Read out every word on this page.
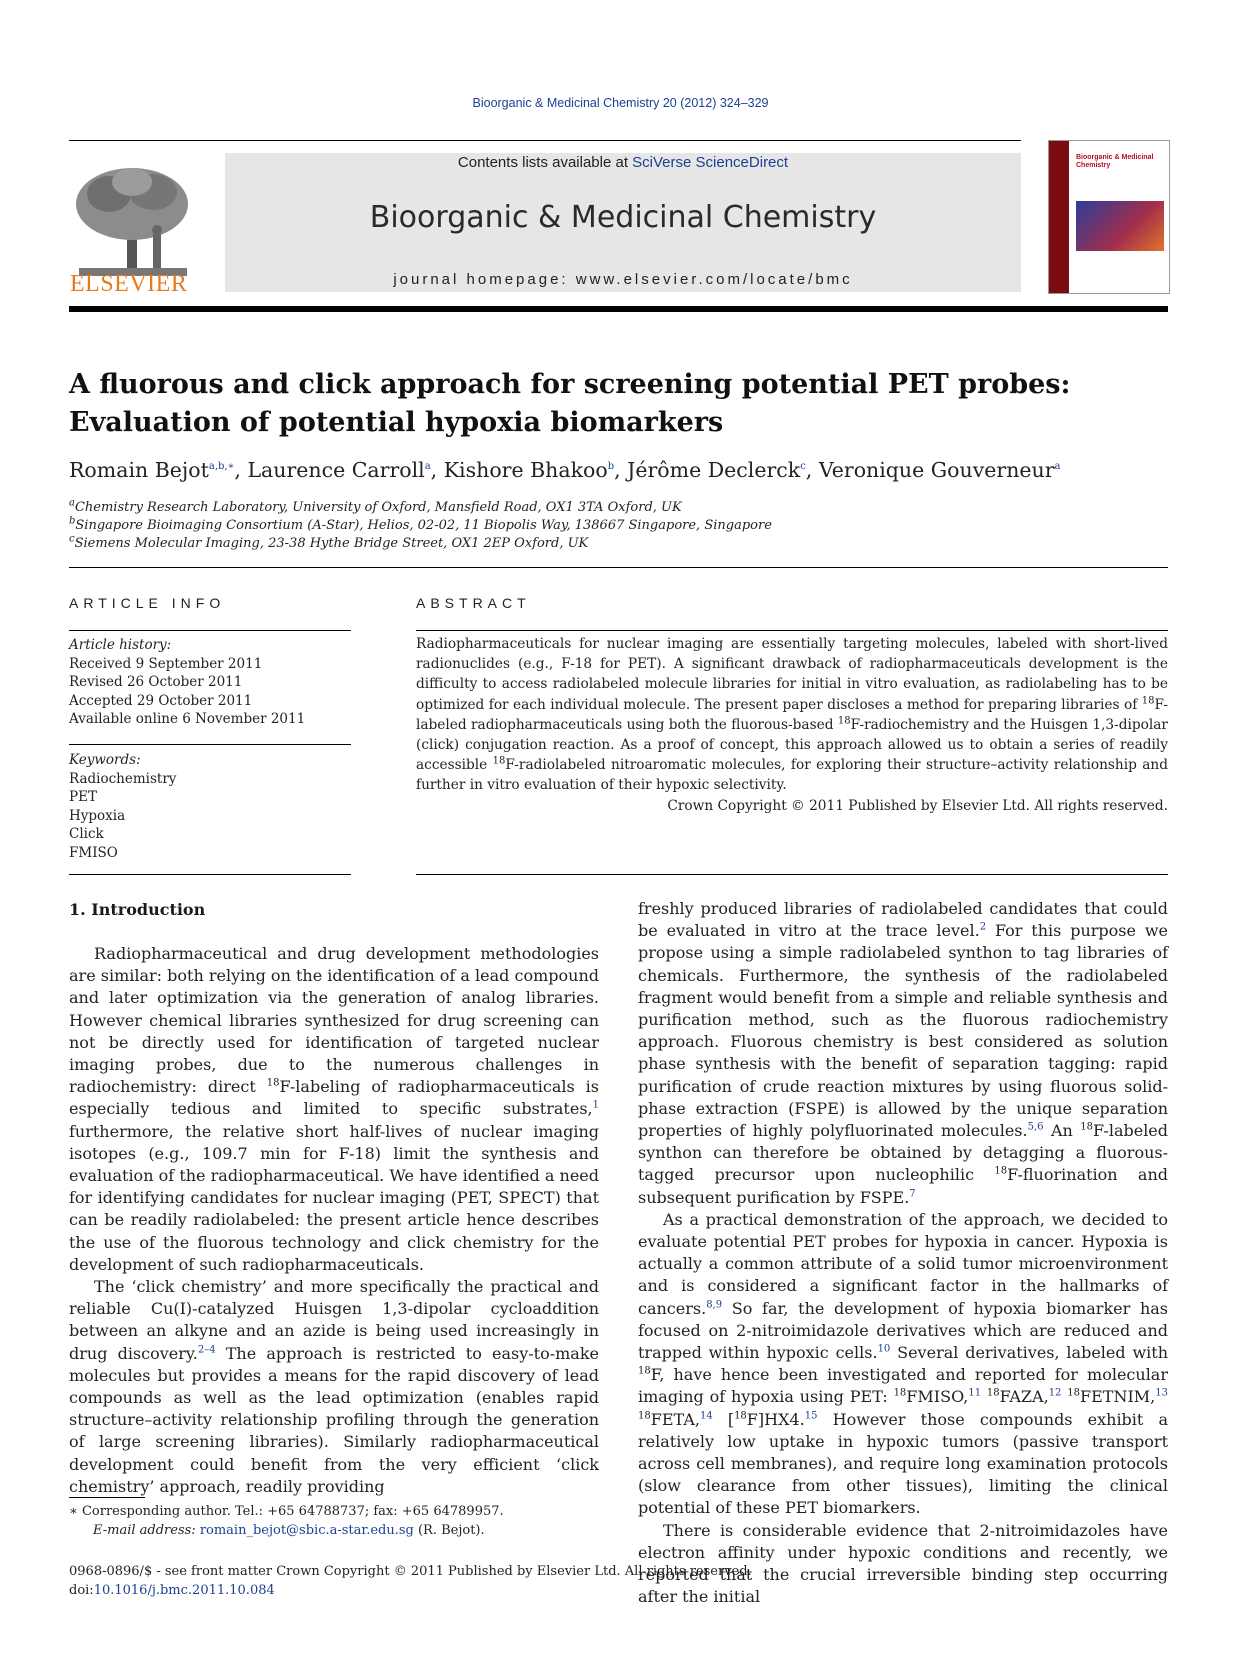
Bioorganic & Medicinal Chemistry 20 (2012) 324–329
ELSEVIER
Contents lists available at SciVerse ScienceDirect
Bioorganic & Medicinal Chemistry
journal homepage: www.elsevier.com/locate/bmc
Bioorganic & Medicinal Chemistry
A fluorous and click approach for screening potential PET probes: Evaluation of potential hypoxia biomarkers
Romain Bejot$^{a,b,∗}$, Laurence Carroll$^a$, Kishore Bhakoo$^b$, Jérôme Declerck$^c$, Veronique Gouverneur$^a$
$^a$Chemistry Research Laboratory, University of Oxford, Mansfield Road, OX1 3TA Oxford, UK
$^b$Singapore Bioimaging Consortium (A-Star), Helios, 02-02, 11 Biopolis Way, 138667 Singapore, Singapore
$^c$Siemens Molecular Imaging, 23-38 Hythe Bridge Street, OX1 2EP Oxford, UK
ARTICLE INFO
Article history:
Received 9 September 2011
Revised 26 October 2011
Accepted 29 October 2011
Available online 6 November 2011
Keywords:
Radiochemistry
PET
Hypoxia
Click
FMISO
ABSTRACT
Radiopharmaceuticals for nuclear imaging are essentially targeting molecules, labeled with short-lived radionuclides (e.g., F-18 for PET). A significant drawback of radiopharmaceuticals development is the difficulty to access radiolabeled molecule libraries for initial in vitro evaluation, as radiolabeling has to be optimized for each individual molecule. The present paper discloses a method for preparing libraries of $^{18}$F-labeled radiopharmaceuticals using both the fluorous-based $^{18}$F-radiochemistry and the Huisgen 1,3-dipolar (click) conjugation reaction. As a proof of concept, this approach allowed us to obtain a series of readily accessible $^{18}$F-radiolabeled nitroaromatic molecules, for exploring their structure–activity relationship and further in vitro evaluation of their hypoxic selectivity.
Crown Copyright © 2011 Published by Elsevier Ltd. All rights reserved.
1. Introduction

Radiopharmaceutical and drug development methodologies are similar: both relying on the identification of a lead compound and later optimization via the generation of analog libraries. However chemical libraries synthesized for drug screening can not be directly used for identification of targeted nuclear imaging probes, due to the numerous challenges in radiochemistry: direct $^{18}$F-labeling of radiopharmaceuticals is especially tedious and limited to specific substrates,$^1$ furthermore, the relative short half-lives of nuclear imaging isotopes (e.g., 109.7 min for F-18) limit the synthesis and evaluation of the radiopharmaceutical. We have identified a need for identifying candidates for nuclear imaging (PET, SPECT) that can be readily radiolabeled: the present article hence describes the use of the fluorous technology and click chemistry for the development of such radiopharmaceuticals.

The ‘click chemistry’ and more specifically the practical and reliable Cu(I)-catalyzed Huisgen 1,3-dipolar cycloaddition between an alkyne and an azide is being used increasingly in drug discovery.$^{2-4}$ The approach is restricted to easy-to-make molecules but provides a means for the rapid discovery of lead compounds as well as the lead optimization (enables rapid structure–activity relationship profiling through the generation of large screening libraries). Similarly radiopharmaceutical development could benefit from the very efficient ‘click chemistry’ approach, readily providing

freshly produced libraries of radiolabeled candidates that could be evaluated in vitro at the trace level.$^2$ For this purpose we propose using a simple radiolabeled synthon to tag libraries of chemicals. Furthermore, the synthesis of the radiolabeled fragment would benefit from a simple and reliable synthesis and purification method, such as the fluorous radiochemistry approach. Fluorous chemistry is best considered as solution phase synthesis with the benefit of separation tagging: rapid purification of crude reaction mixtures by using fluorous solid-phase extraction (FSPE) is allowed by the unique separation properties of highly polyfluorinated molecules.$^{5,6}$ An $^{18}$F-labeled synthon can therefore be obtained by detagging a fluorous-tagged precursor upon nucleophilic $^{18}$F-fluorination and subsequent purification by FSPE.$^7$

As a practical demonstration of the approach, we decided to evaluate potential PET probes for hypoxia in cancer. Hypoxia is actually a common attribute of a solid tumor microenvironment and is considered a significant factor in the hallmarks of cancers.$^{8,9}$ So far, the development of hypoxia biomarker has focused on 2-nitroimidazole derivatives which are reduced and trapped within hypoxic cells.$^{10}$ Several derivatives, labeled with $^{18}$F, have hence been investigated and reported for molecular imaging of hypoxia using PET: $^{18}$FMISO,$^{11}$ $^{18}$FAZA,$^{12}$ $^{18}$FETNIM,$^{13}$ $^{18}$FETA,$^{14}$ [$^{18}$F]HX4.15 However those compounds exhibit a relatively low uptake in hypoxic tumors (passive transport across cell membranes), and require long examination protocols (slow clearance from other tissues), limiting the clinical potential of these PET biomarkers.

There is considerable evidence that 2-nitroimidazoles have electron affinity under hypoxic conditions and recently, we reported that the crucial irreversible binding step occurring after the initial

∗ Corresponding author. Tel.: +65 64788737; fax: +65 64789957.
E-mail address: romain_bejot@sbic.a-star.edu.sg (R. Bejot).
0968-0896/$ - see front matter Crown Copyright © 2011 Published by Elsevier Ltd. All rights reserved.
doi:10.1016/j.bmc.2011.10.084
